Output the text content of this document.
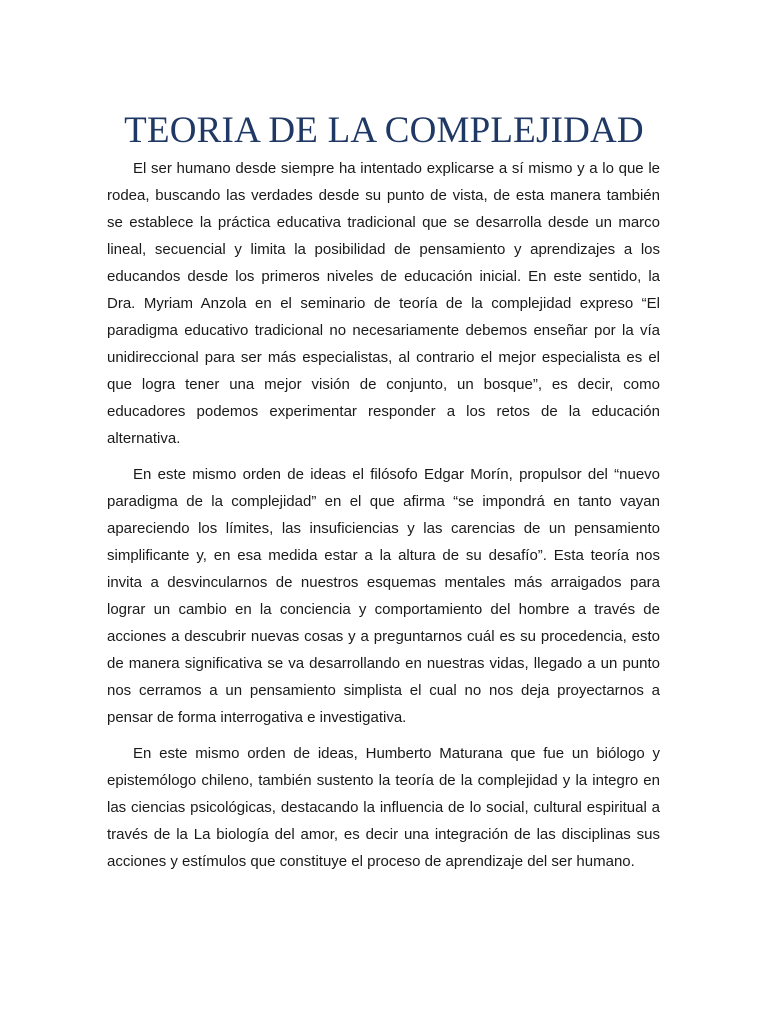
TEORIA DE LA COMPLEJIDAD

El ser humano desde siempre ha intentado explicarse a sí mismo y a lo que le rodea, buscando las verdades desde su punto de vista, de esta manera también se establece la práctica educativa tradicional que se desarrolla desde un marco lineal, secuencial y limita la posibilidad de pensamiento y aprendizajes a los educandos desde los primeros niveles de educación inicial. En este sentido, la Dra. Myriam Anzola en el seminario de teoría de la complejidad expreso “El paradigma educativo tradicional no necesariamente debemos enseñar por la vía unidireccional para ser más especialistas, al contrario el mejor especialista es el que logra tener una mejor visión de conjunto, un bosque”, es decir, como educadores podemos experimentar responder a los retos de la educación alternativa.

En este mismo orden de ideas el filósofo Edgar Morín, propulsor del “nuevo paradigma de la complejidad” en el que afirma “se impondrá en tanto vayan apareciendo los límites, las insuficiencias y las carencias de un pensamiento simplificante y, en esa medida estar a la altura de su desafío”. Esta teoría nos invita a desvincularnos de nuestros esquemas mentales más arraigados para lograr un cambio en la conciencia y comportamiento del hombre a través de acciones a descubrir nuevas cosas y a preguntarnos cuál es su procedencia, esto de manera significativa se va desarrollando en nuestras vidas, llegado a un punto nos cerramos a un pensamiento simplista el cual no nos deja proyectarnos a pensar de forma interrogativa e investigativa.

En este mismo orden de ideas, Humberto Maturana que fue un biólogo y epistemólogo chileno, también sustento la teoría de la complejidad y la integro en las ciencias psicológicas, destacando la influencia de lo social, cultural espiritual a través de la La biología del amor, es decir una integración de las disciplinas sus acciones y estímulos que constituye el proceso de aprendizaje del ser humano.
